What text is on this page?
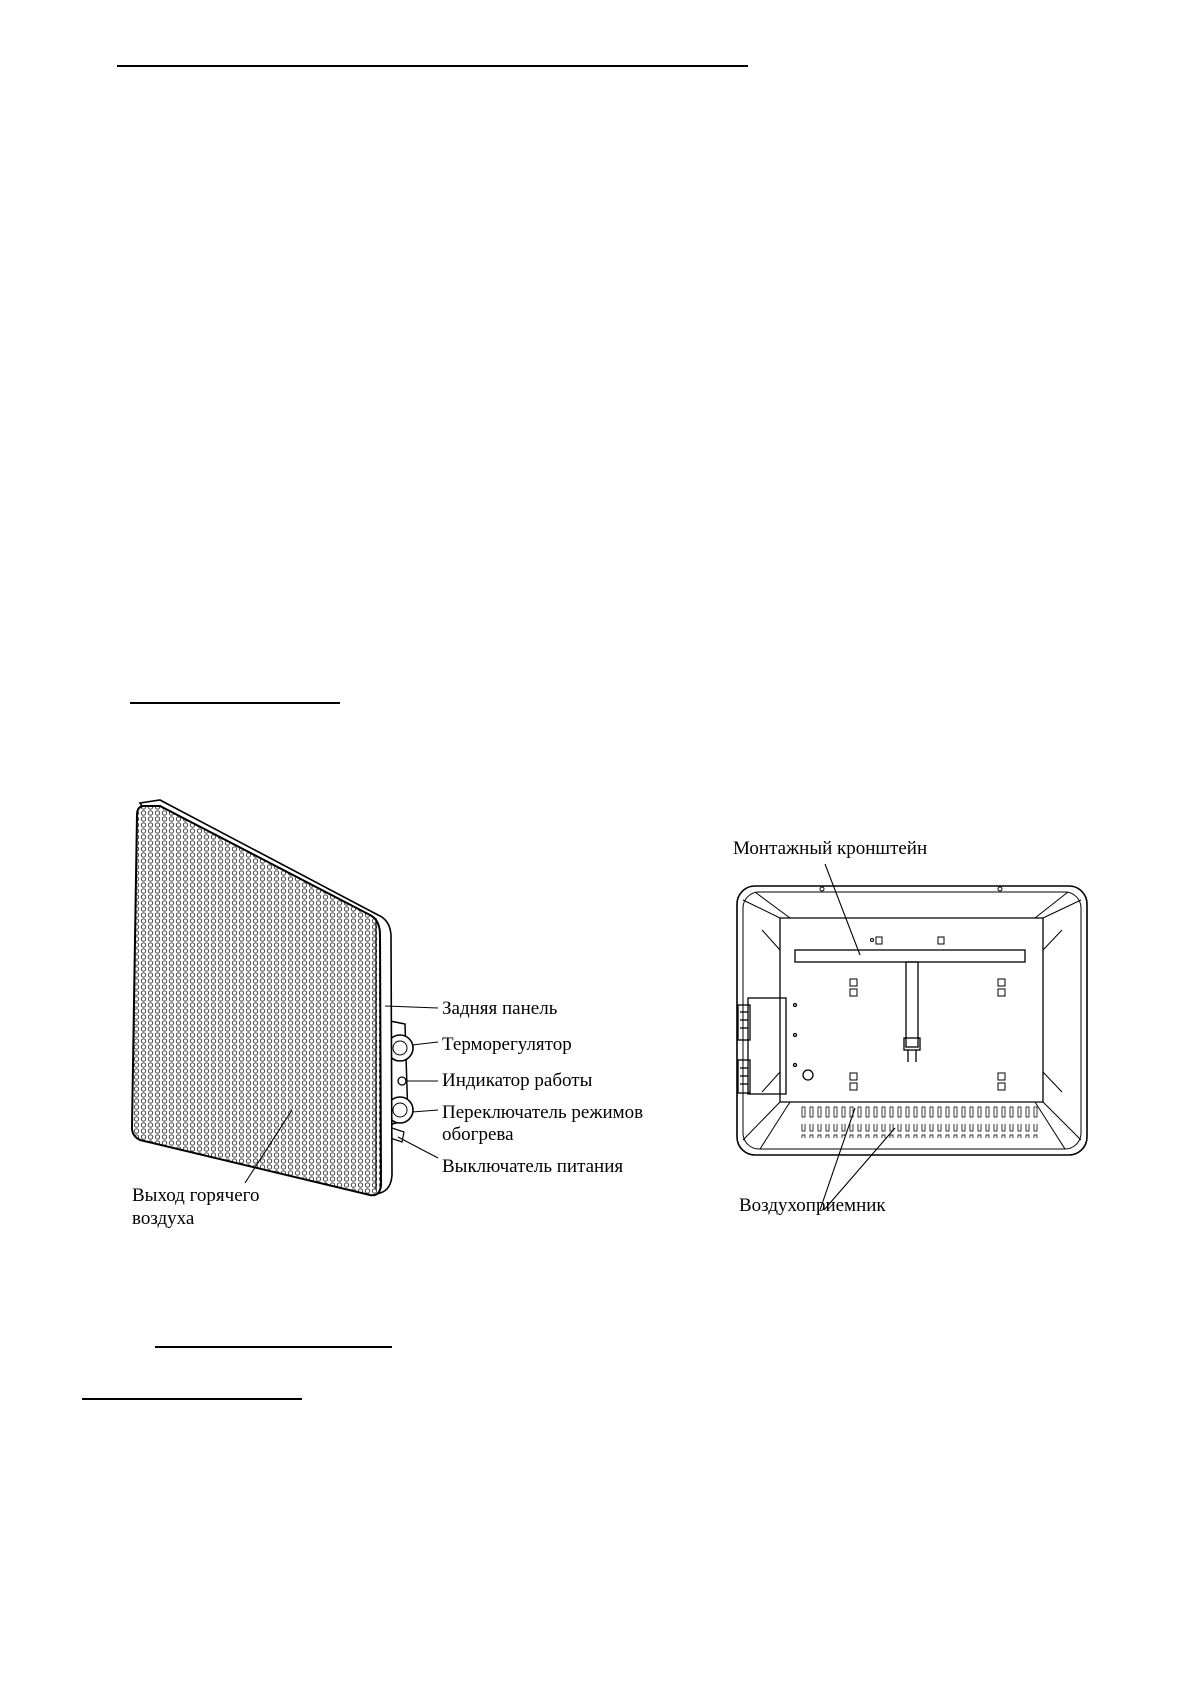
Задняя панель
Терморегулятор
Индикатор работы
Переключатель режимов
обогрева
Выключатель питания
Выход горячего
воздуха
Монтажный кронштейн
Воздухоприемник
